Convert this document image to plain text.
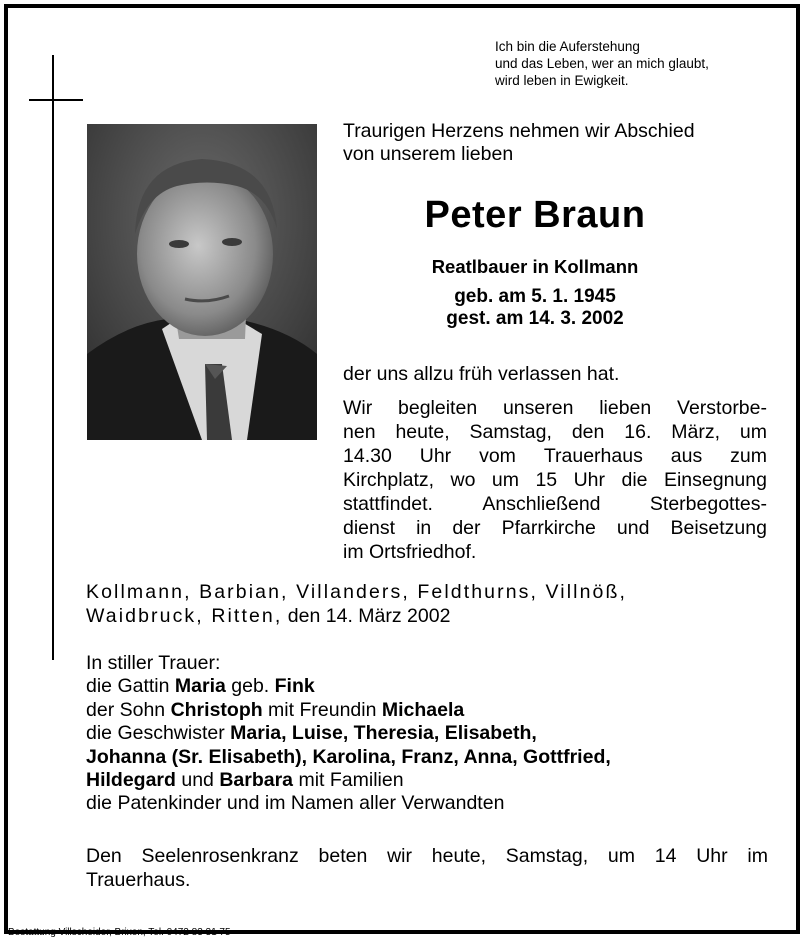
Ich bin die Auferstehung
und das Leben, wer an mich glaubt,
wird leben in Ewigkeit.
Traurigen Herzens nehmen wir Abschied
von unserem lieben
Peter Braun
Reatlbauer in Kollmann
geb. am 5. 1. 1945
gest. am 14. 3. 2002
der uns allzu früh verlassen hat.
Wir begleiten unseren lieben Verstorbe-
nen heute, Samstag, den 16. März, um
14.30 Uhr vom Trauerhaus aus zum
Kirchplatz, wo um 15 Uhr die Einsegnung
stattfindet.	Anschließend	Sterbegottes-
dienst in der Pfarrkirche und Beisetzung
im Ortsfriedhof.
Kollmann, Barbian, Villanders, Feldthurns, Villnöß,
Waidbruck, Ritten, den 14. März 2002
In stiller Trauer:
die Gattin Maria geb. Fink
der Sohn Christoph mit Freundin Michaela
die Geschwister Maria, Luise, Theresia, Elisabeth,
Johanna (Sr. Elisabeth), Karolina, Franz, Anna, Gottfried,
Hildegard und Barbara mit Familien
die Patenkinder und im Namen aller Verwandten
Den Seelenrosenkranz beten wir heute, Samstag, um 14 Uhr im
Trauerhaus.
Bestattung Villscheider, Brixen, Tel. 0472 83 31 75
